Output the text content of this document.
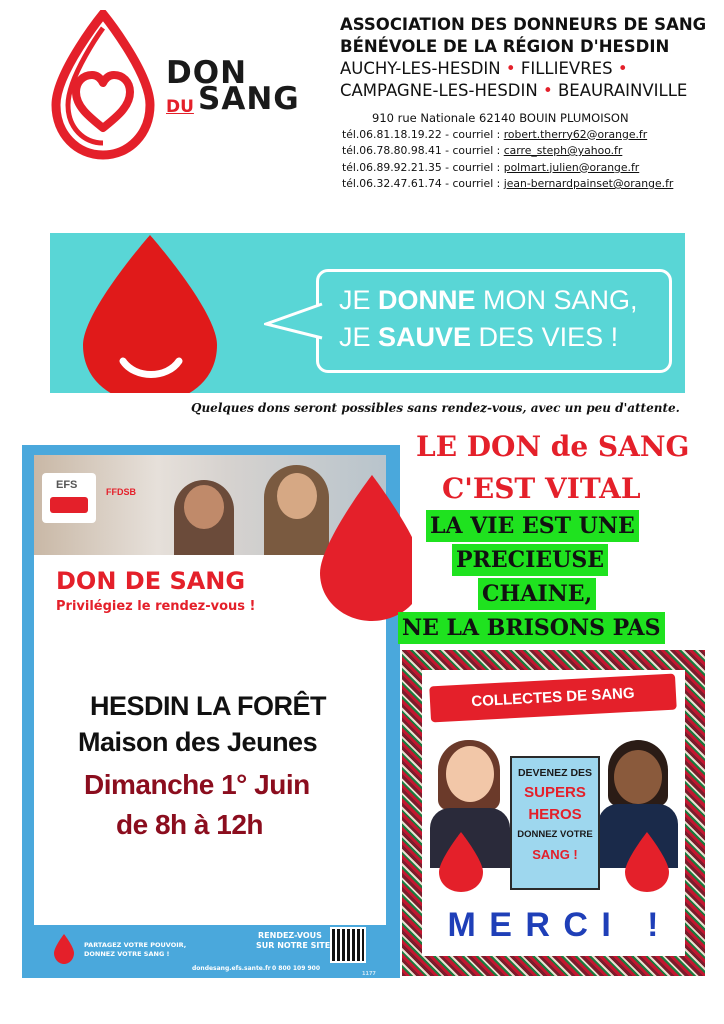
DON
DU SANG
ASSOCIATION DES DONNEURS DE SANG
BÉNÉVOLE DE LA RÉGION D'HESDIN
AUCHY-LES-HESDIN • FILLIEVRES •
CAMPAGNE-LES-HESDIN • BEAURAINVILLE
910 rue Nationale 62140 BOUIN PLUMOISON
tél.06.81.18.19.22 - courriel : robert.therry62@orange.fr
tél.06.78.80.98.41 - courriel : carre_steph@yahoo.fr
tél.06.89.92.21.35 - courriel : polmart.julien@orange.fr
tél.06.32.47.61.74 - courriel : jean-bernardpainset@orange.fr
JE DONNE MON SANG,
JE SAUVE DES VIES !
Quelques dons seront possibles sans rendez-vous, avec un peu d'attente.
EFS
FFDSB
DON DE SANG
Privilégiez le rendez-vous !
HESDIN LA FORÊT
Maison des Jeunes
Dimanche 1° Juin
de 8h à 12h
PARTAGEZ VOTRE POUVOIR, DONNEZ VOTRE SANG !
RENDEZ-VOUS
SUR NOTRE SITE
dondesang.efs.sante.fr 0 800 109 900
1177
LE DON de SANG
C'EST VITAL
LA VIE EST UNE
PRECIEUSE
CHAINE,
NE LA BRISONS PAS
COLLECTES DE SANG
DEVENEZ DES
SUPERS
HEROS
DONNEZ VOTRE
SANG !
M E R C I   !
